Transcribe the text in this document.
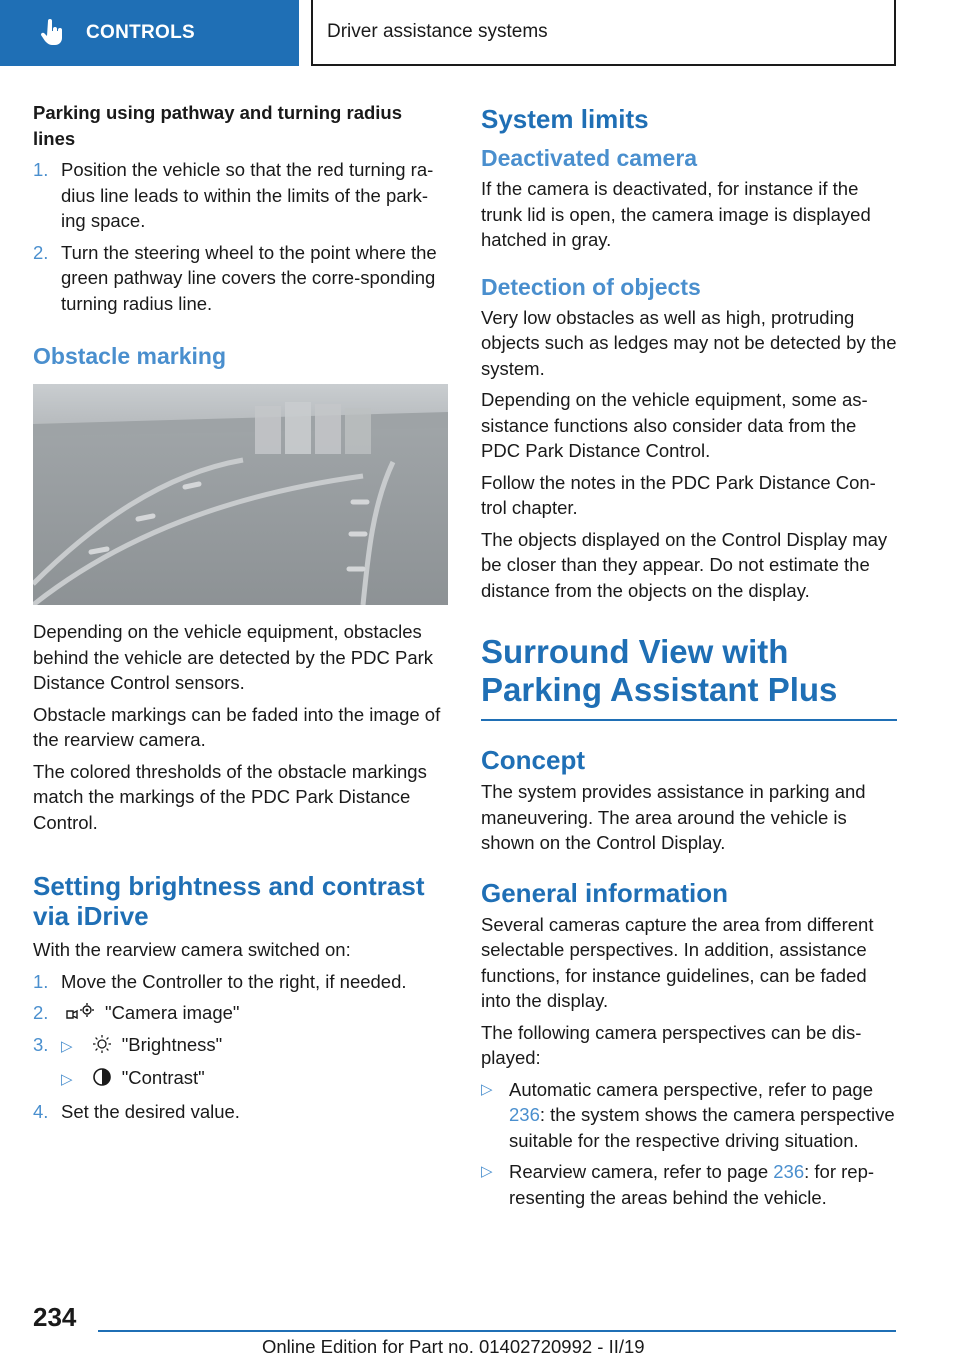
CONTROLS	Driver assistance systems
Parking using pathway and turning radius lines
1. Position the vehicle so that the red turning ra-dius line leads to within the limits of the park-ing space.
2. Turn the steering wheel to the point where the green pathway line covers the corre-sponding turning radius line.
Obstacle marking

Depending on the vehicle equipment, obstacles behind the vehicle are detected by the PDC Park Distance Control sensors.

Obstacle markings can be faded into the image of the rearview camera.

The colored thresholds of the obstacle markings match the markings of the PDC Park Distance Control.

Setting brightness and contrast via iDrive

With the rearview camera switched on:

1. Move the Controller to the right, if needed.
2.	"Camera image"
3. ▷	"Brightness"
▷	"Contrast"
4. Set the desired value.
System limits
Deactivated camera

If the camera is deactivated, for instance if the trunk lid is open, the camera image is displayed hatched in gray.

Detection of objects

Very low obstacles as well as high, protruding objects such as ledges may not be detected by the system.

Depending on the vehicle equipment, some as-sistance functions also consider data from the PDC Park Distance Control.

Follow the notes in the PDC Park Distance Con-trol chapter.

The objects displayed on the Control Display may be closer than they appear. Do not estimate the distance from the objects on the display.

Surround View with Parking Assistant Plus
Concept

The system provides assistance in parking and maneuvering. The area around the vehicle is shown on the Control Display.

General information

Several cameras capture the area from different selectable perspectives. In addition, assistance functions, for instance guidelines, can be faded into the display.

The following camera perspectives can be dis-played:

▷ Automatic camera perspective, refer to page 236: the system shows the camera perspective suitable for the respective driving situation.
▷ Rearview camera, refer to page 236: for rep-resenting the areas behind the vehicle.
234
Online Edition for Part no. 01402720992 - II/19
